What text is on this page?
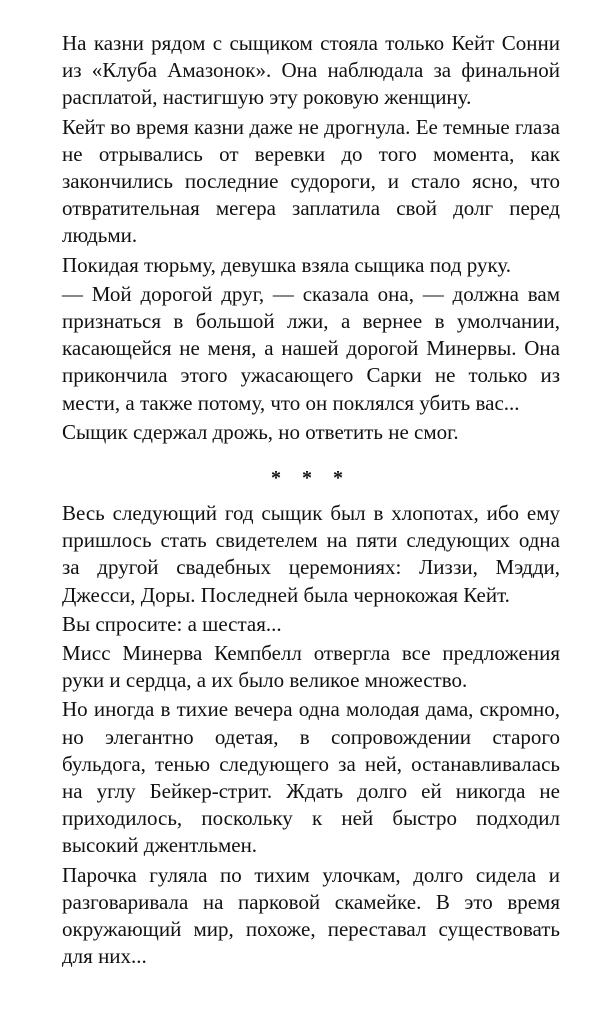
На казни рядом с сыщиком стояла только Кейт Сонни из «Клуба Амазонок». Она наблюдала за финальной расплатой, настигшую эту роковую женщину.

Кейт во время казни даже не дрогнула. Ее темные глаза не отрывались от веревки до того момента, как закончились последние судороги, и стало ясно, что отвратительная мегера заплатила свой долг перед людьми.

Покидая тюрьму, девушка взяла сыщика под руку.

— Мой дорогой друг, — сказала она, — должна вам признаться в большой лжи, а вернее в умолчании, касающейся не меня, а нашей дорогой Минервы. Она прикончила этого ужасающего Сарки не только из мести, а также потому, что он поклялся убить вас...

Сыщик сдержал дрожь, но ответить не смог.

* * *

Весь следующий год сыщик был в хлопотах, ибо ему пришлось стать свидетелем на пяти следующих одна за другой свадебных церемониях: Лиззи, Мэдди, Джесси, Доры. Последней была чернокожая Кейт.

Вы спросите: а шестая...

Мисс Минерва Кемпбелл отвергла все предложения руки и сердца, а их было великое множество.

Но иногда в тихие вечера одна молодая дама, скромно, но элегантно одетая, в сопровождении старого бульдога, тенью следующего за ней, останавливалась на углу Бейкер-стрит. Ждать долго ей никогда не приходилось, поскольку к ней быстро подходил высокий джентльмен.

Парочка гуляла по тихим улочкам, долго сидела и разговаривала на парковой скамейке. В это время окружающий мир, похоже, переставал существовать для них...
